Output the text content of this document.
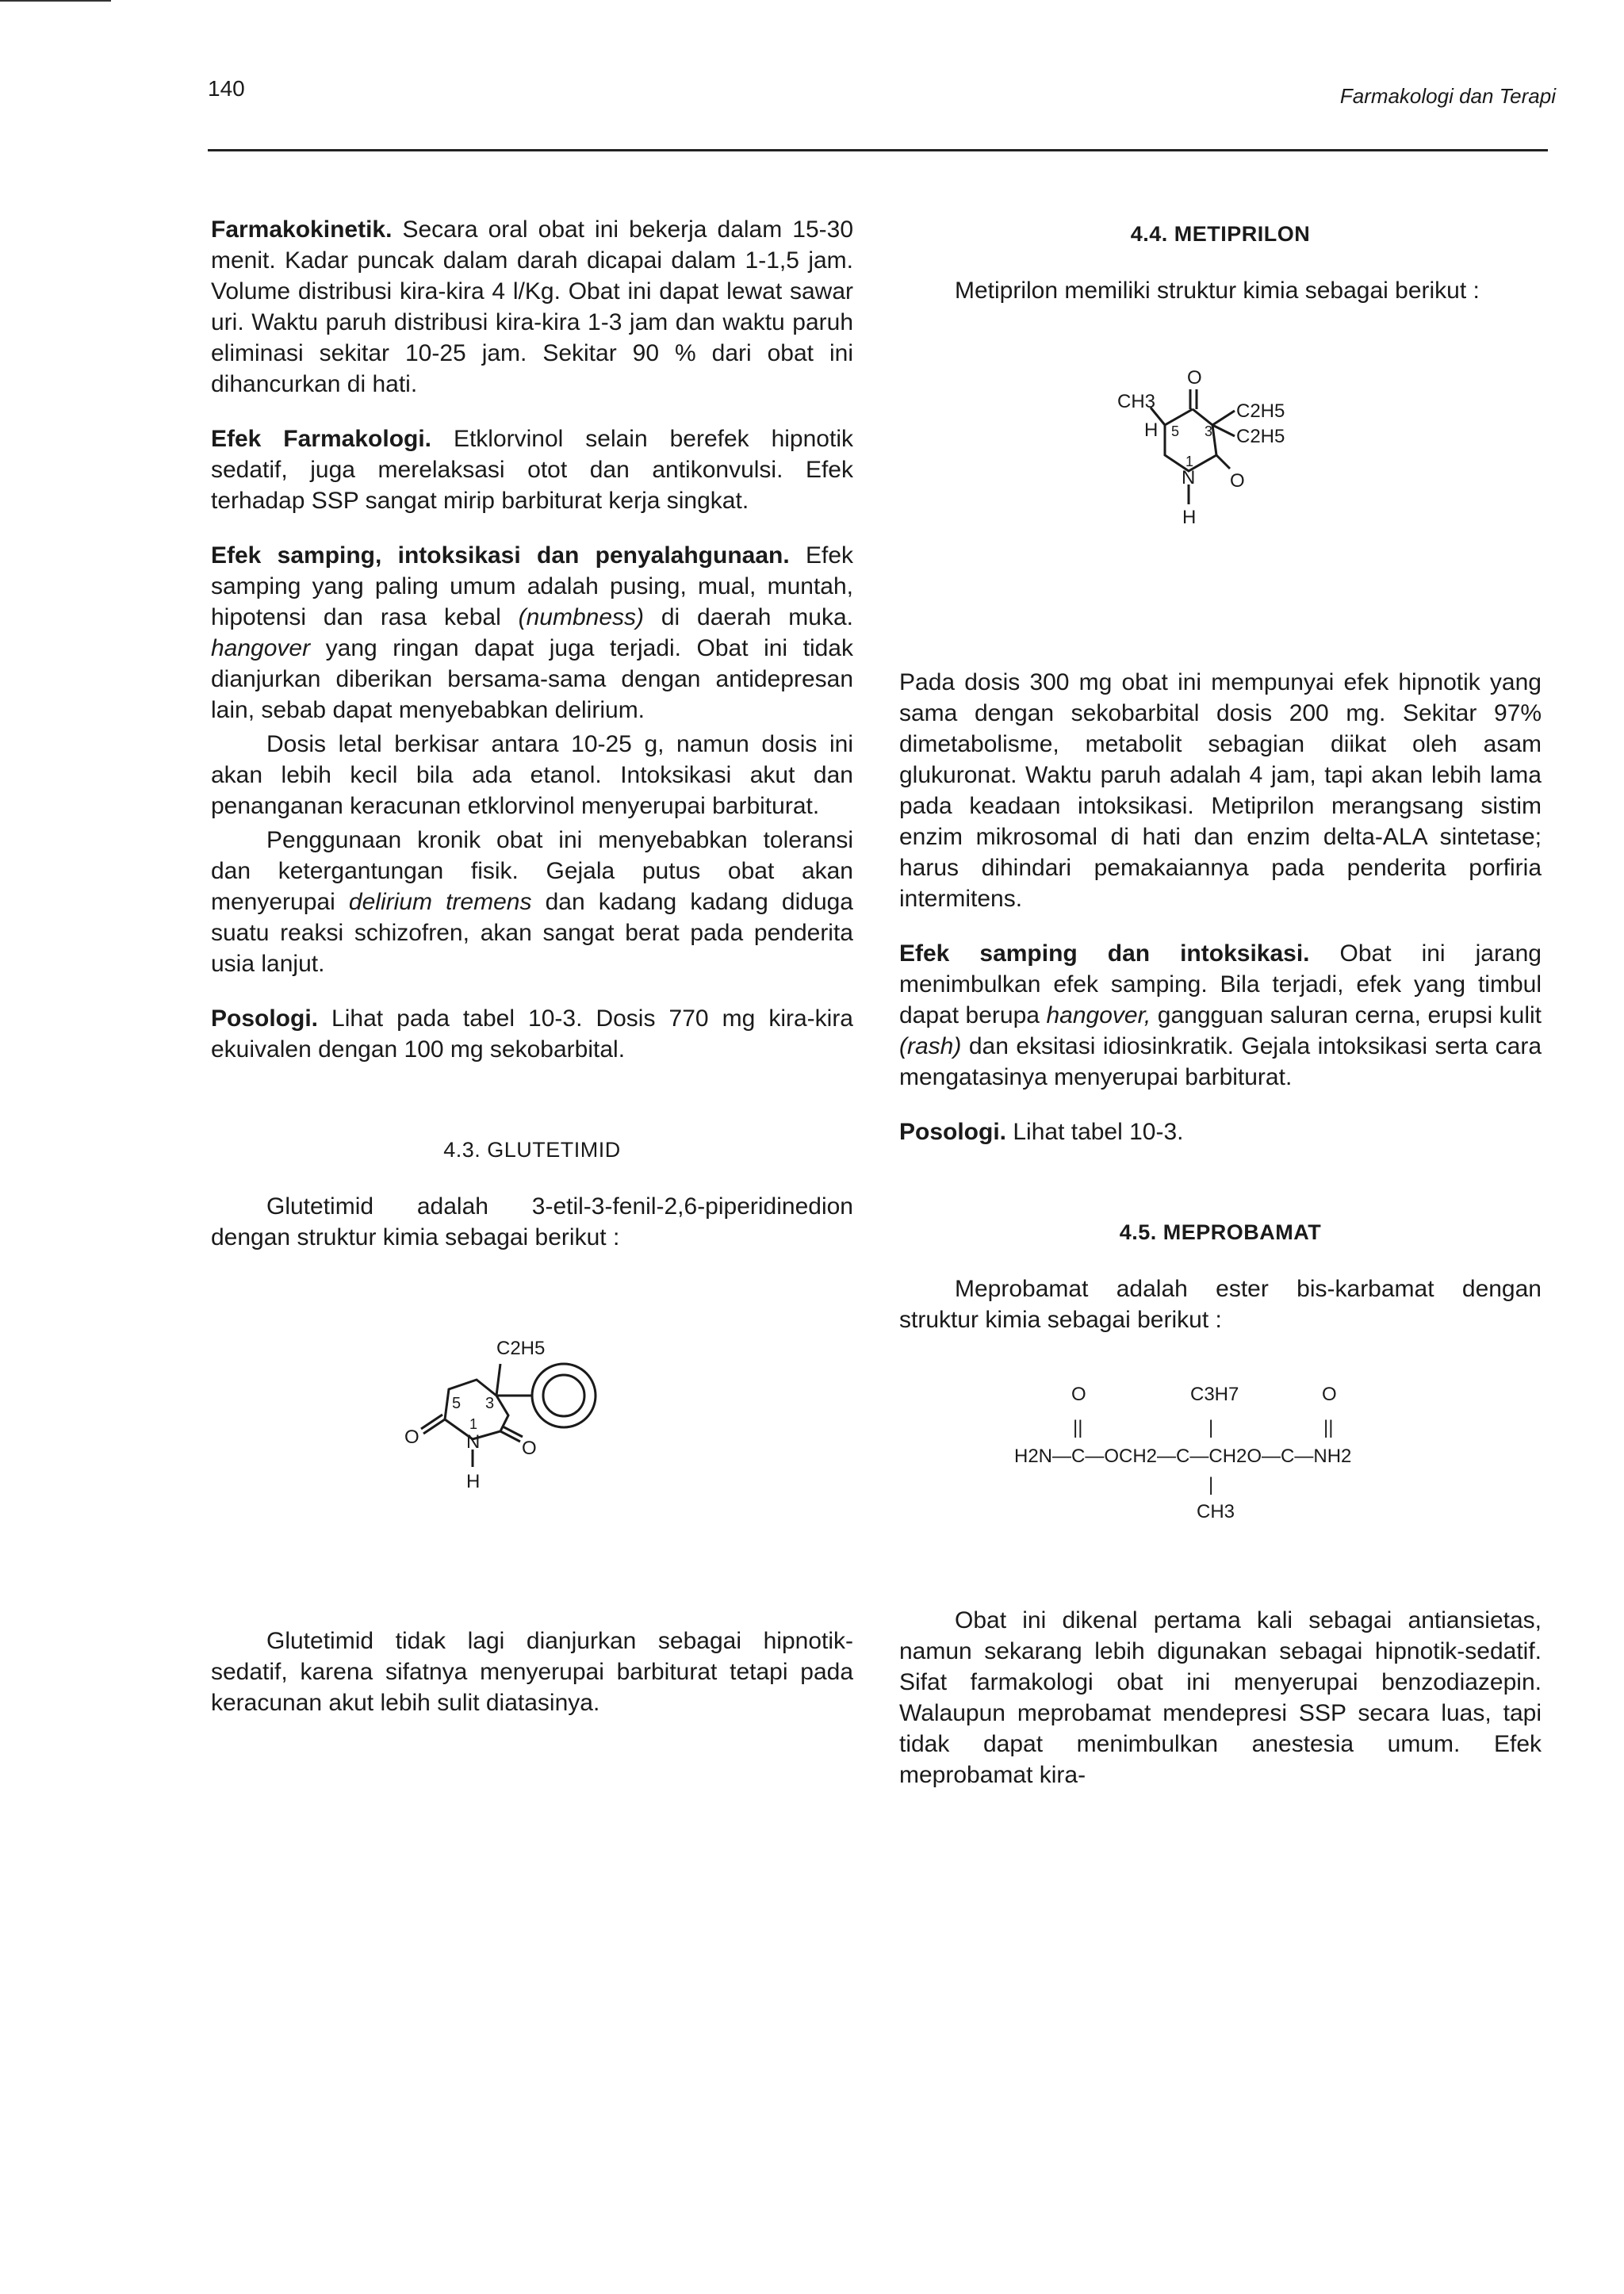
140	Farmakologi dan Terapi

Farmakokinetik. Secara oral obat ini bekerja dalam 15-30 menit. Kadar puncak dalam darah dicapai dalam 1-1,5 jam. Volume distribusi kira-kira 4 l/Kg. Obat ini dapat lewat sawar uri. Waktu paruh distribusi kira-kira 1-3 jam dan waktu paruh eliminasi sekitar 10-25 jam. Sekitar 90 % dari obat ini dihancurkan di hati.

Efek Farmakologi. Etklorvinol selain berefek hipnotik sedatif, juga merelaksasi otot dan antikonvulsi. Efek terhadap SSP sangat mirip barbiturat kerja singkat.

Efek samping, intoksikasi dan penyalahgunaan. Efek samping yang paling umum adalah pusing, mual, muntah, hipotensi dan rasa kebal (numbness) di daerah muka. hangover yang ringan dapat juga terjadi. Obat ini tidak dianjurkan diberikan bersama-sama dengan antidepresan lain, sebab dapat menyebabkan delirium.

Dosis letal berkisar antara 10-25 g, namun dosis ini akan lebih kecil bila ada etanol. Intoksikasi akut dan penanganan keracunan etklorvinol menyerupai barbiturat.

Penggunaan kronik obat ini menyebabkan toleransi dan ketergantungan fisik. Gejala putus obat akan menyerupai delirium tremens dan kadang kadang diduga suatu reaksi schizofren, akan sangat berat pada penderita usia lanjut.

Posologi. Lihat pada tabel 10-3. Dosis 770 mg kira-kira ekuivalen dengan 100 mg sekobarbital.

4.3. GLUTETIMID

Glutetimid adalah 3-etil-3-fenil-2,6-piperidinedion dengan struktur kimia sebagai berikut :

C2H5
5 3
1
N
H
O
O

Glutetimid tidak lagi dianjurkan sebagai hipnotik-sedatif, karena sifatnya menyerupai barbiturat tetapi pada keracunan akut lebih sulit diatasinya.

4.4. METIPRILON

Metiprilon memiliki struktur kimia sebagai berikut :

O
CH3	C2H5
C2H5
H 5 3
1
N O
H

Pada dosis 300 mg obat ini mempunyai efek hipnotik yang sama dengan sekobarbital dosis 200 mg. Sekitar 97% dimetabolisme, metabolit sebagian diikat oleh asam glukuronat. Waktu paruh adalah 4 jam, tapi akan lebih lama pada keadaan intoksikasi. Metiprilon merangsang sistim enzim mikrosomal di hati dan enzim delta-ALA sintetase; harus dihindari pemakaiannya pada penderita porfiria intermitens.

Efek samping dan intoksikasi. Obat ini jarang menimbulkan efek samping. Bila terjadi, efek yang timbul dapat berupa hangover, gangguan saluran cerna, erupsi kulit (rash) dan eksitasi idiosinkratik. Gejala intoksikasi serta cara mengatasinya menyerupai barbiturat.

Posologi. Lihat tabel 10-3.

4.5. MEPROBAMAT

Meprobamat adalah ester bis-karbamat dengan struktur kimia sebagai berikut :

O	C3H7	O
||	|	||
H2N—C—OCH2—C—CH2O—C—NH2
|
CH3

Obat ini dikenal pertama kali sebagai antiansietas, namun sekarang lebih digunakan sebagai hipnotik-sedatif. Sifat farmakologi obat ini menyerupai benzodiazepin. Walaupun meprobamat mendepresi SSP secara luas, tapi tidak dapat menimbulkan anestesia umum. Efek meprobamat kira-
